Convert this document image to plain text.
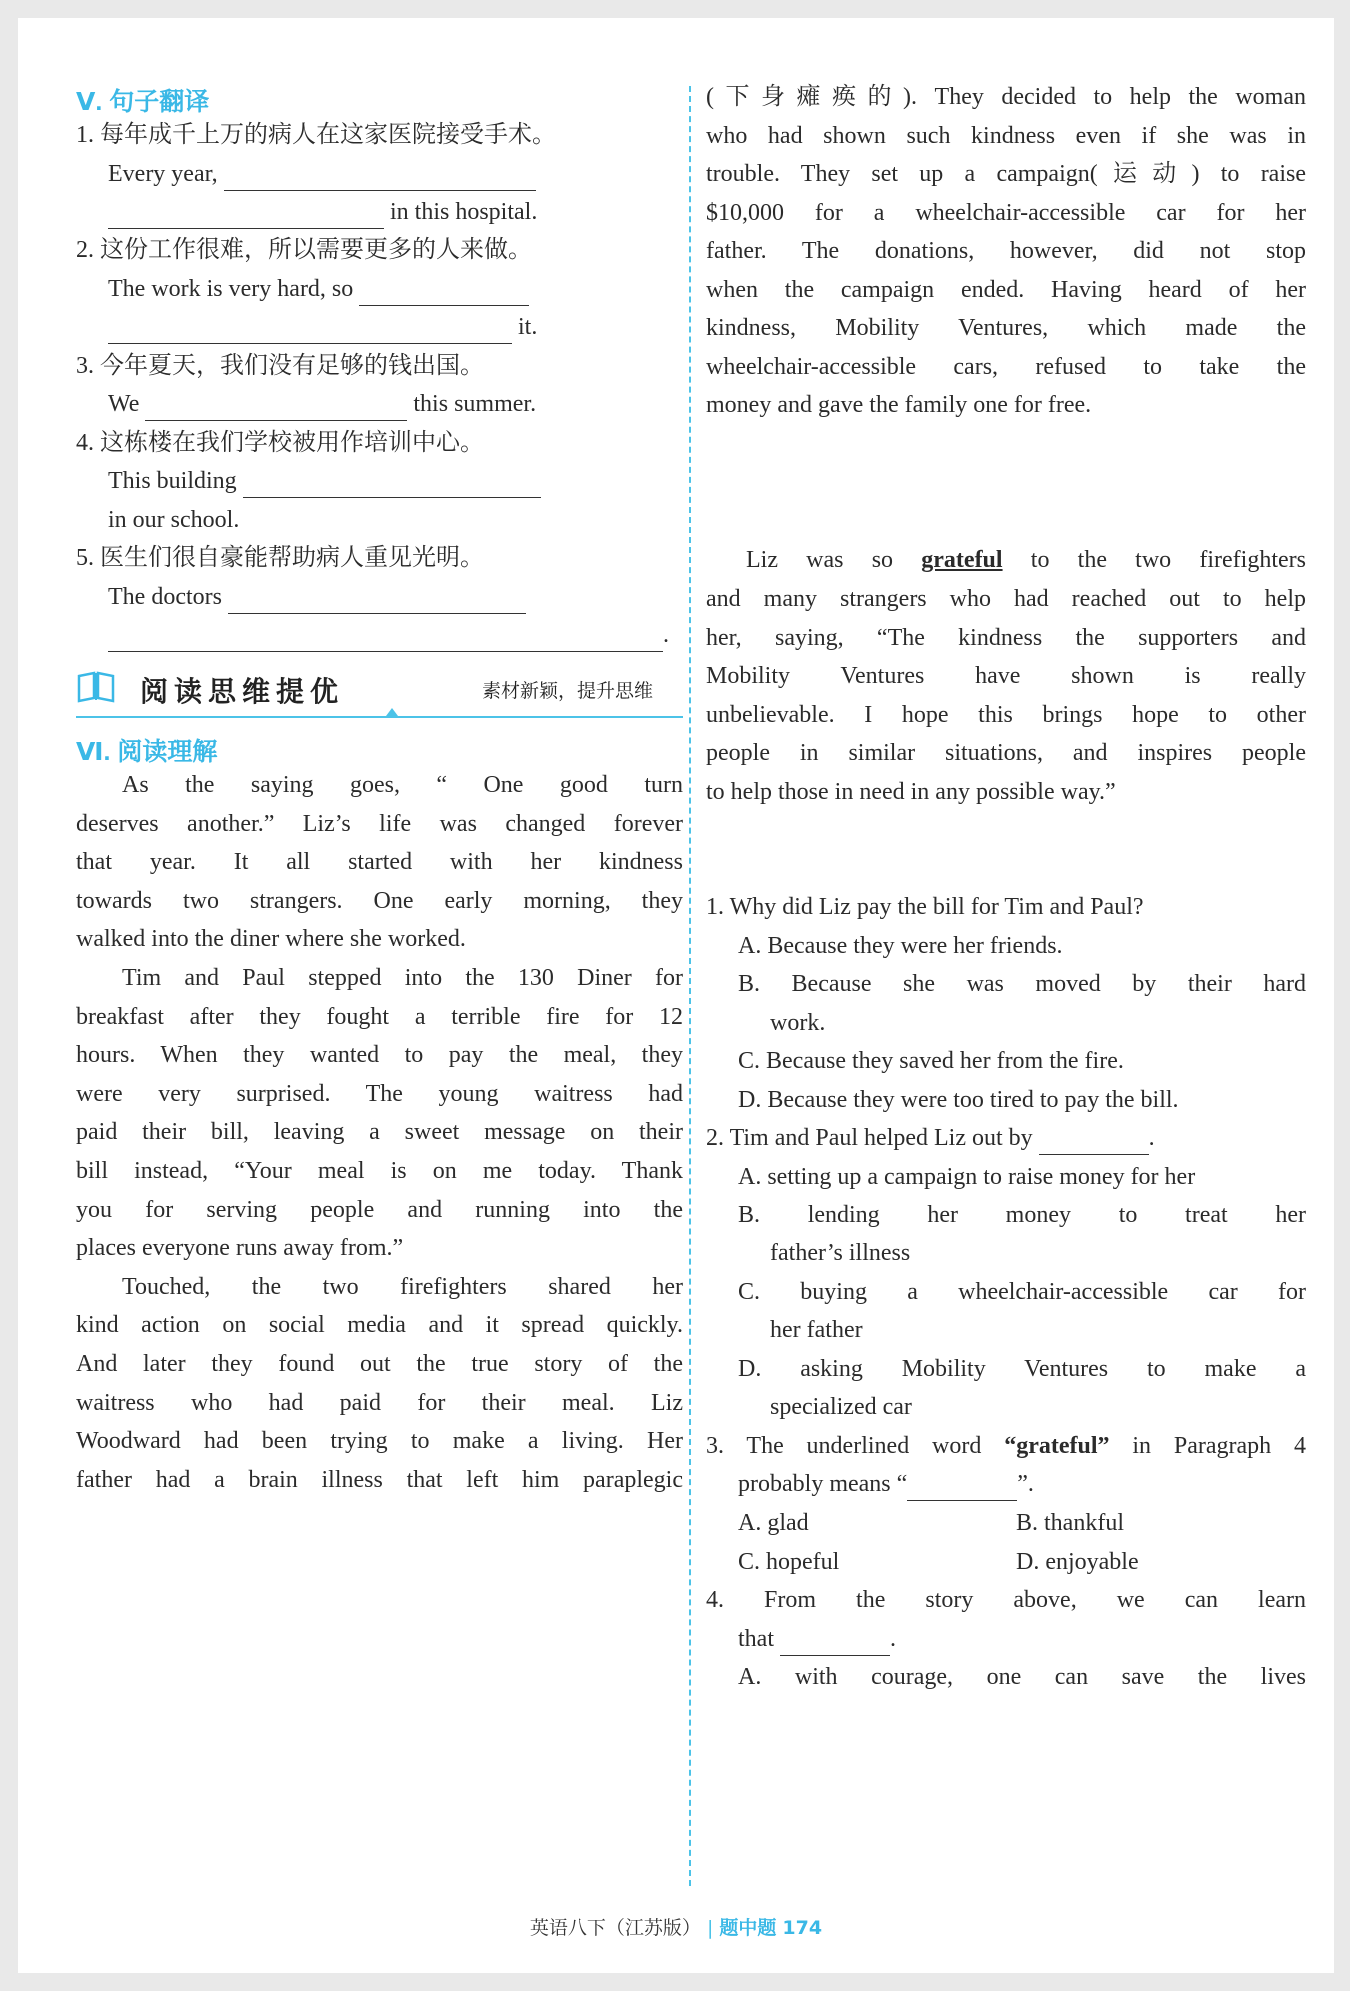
Ⅴ. 句子翻译
1. 每年成千上万的病人在这家医院接受手术。
Every year,
in this hospital.
2. 这份工作很难，所以需要更多的人来做。
The work is very hard, so
it.
3. 今年夏天，我们没有足够的钱出国。
We	this summer.
4. 这栋楼在我们学校被用作培训中心。
This building
in our school.
5. 医生们很自豪能帮助病人重见光明。
The doctors
.
阅读思维提优	素材新颖，提升思维
Ⅵ. 阅读理解
As the saying goes, “ One good turn
deserves another.” Liz’s life was changed forever
that year. It all started with her kindness
towards two strangers. One early morning, they
walked into the diner where she worked.
Tim and Paul stepped into the 130 Diner for
breakfast after they fought a terrible fire for 12
hours. When they wanted to pay the meal, they
were very surprised. The young waitress had
paid their bill, leaving a sweet message on their
bill instead, “Your meal is on me today. Thank
you for serving people and running into the
places everyone runs away from.”
Touched, the two firefighters shared her
kind action on social media and it spread quickly.
And later they found out the true story of the
waitress who had paid for their meal. Liz
Woodward had been trying to make a living. Her
father had a brain illness that left him paraplegic
(下身瘫痪的). They decided to help the woman
who had shown such kindness even if she was in
trouble. They set up a campaign(运动) to raise
$10,000 for a wheelchair-accessible car for her
father. The donations, however, did not stop
when the campaign ended. Having heard of her
kindness, Mobility Ventures, which made the
wheelchair-accessible cars, refused to take the
money and gave the family one for free.
Liz was so grateful to the two firefighters
and many strangers who had reached out to help
her, saying, “The kindness the supporters and
Mobility Ventures have shown is really
unbelievable. I hope this brings hope to other
people in similar situations, and inspires people
to help those in need in any possible way.”
1. Why did Liz pay the bill for Tim and Paul?
A. Because they were her friends.
B. Because she was moved by their hard
work.
C. Because they saved her from the fire.
D. Because they were too tired to pay the bill.
2. Tim and Paul helped Liz out by	.
A. setting up a campaign to raise money for her
B. lending her money to treat her
father’s illness
C. buying a wheelchair-accessible car for
her father
D. asking Mobility Ventures to make a
specialized car
3. The underlined word “grateful” in Paragraph 4
probably means “	”.
A. glad	B. thankful
C. hopeful	D. enjoyable
4. From the story above, we can learn
that	.
A. with courage, one can save the lives
英语八下（江苏版） | 题中题 174
